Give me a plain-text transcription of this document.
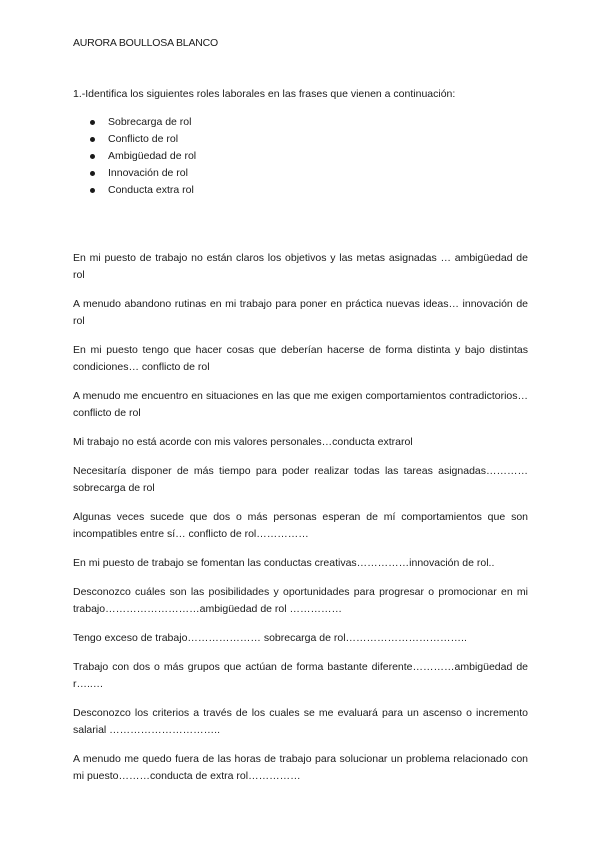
AURORA BOULLOSA BLANCO
1.-Identifica los siguientes roles laborales en las frases que vienen a continuación:
Sobrecarga de rol
Conflicto de rol
Ambigüedad de rol
Innovación de rol
Conducta extra rol

En mi puesto de trabajo no están claros los objetivos y las metas asignadas … ambigüedad de rol

A menudo abandono rutinas en mi trabajo para poner en práctica nuevas ideas… innovación de rol

En mi puesto tengo que hacer cosas que deberían hacerse de forma distinta y bajo distintas condiciones… conflicto de rol

A menudo me encuentro en situaciones en las que me exigen comportamientos contradictorios…conflicto de rol

Mi trabajo no está acorde con mis valores personales…conducta extrarol

Necesitaría disponer de más tiempo para poder realizar todas las tareas asignadas………… sobrecarga de rol

Algunas veces sucede que dos o más personas esperan de mí comportamientos que son incompatibles entre sí… conflicto de rol……………

En mi puesto de trabajo se fomentan las conductas creativas……………innovación de rol..

Desconozco cuáles son las posibilidades y oportunidades para progresar o promocionar en mi trabajo………………………ambigüedad de rol ……………

Tengo exceso de trabajo………………… sobrecarga de rol……………………………..

Trabajo con dos o más grupos que actúan de forma bastante diferente…………ambigüedad de r…..…

Desconozco los criterios a través de los cuales se me evaluará para un ascenso o incremento salarial …………………………..

A menudo me quedo fuera de las horas de trabajo para solucionar un problema relacionado con mi puesto………conducta de extra rol……………
